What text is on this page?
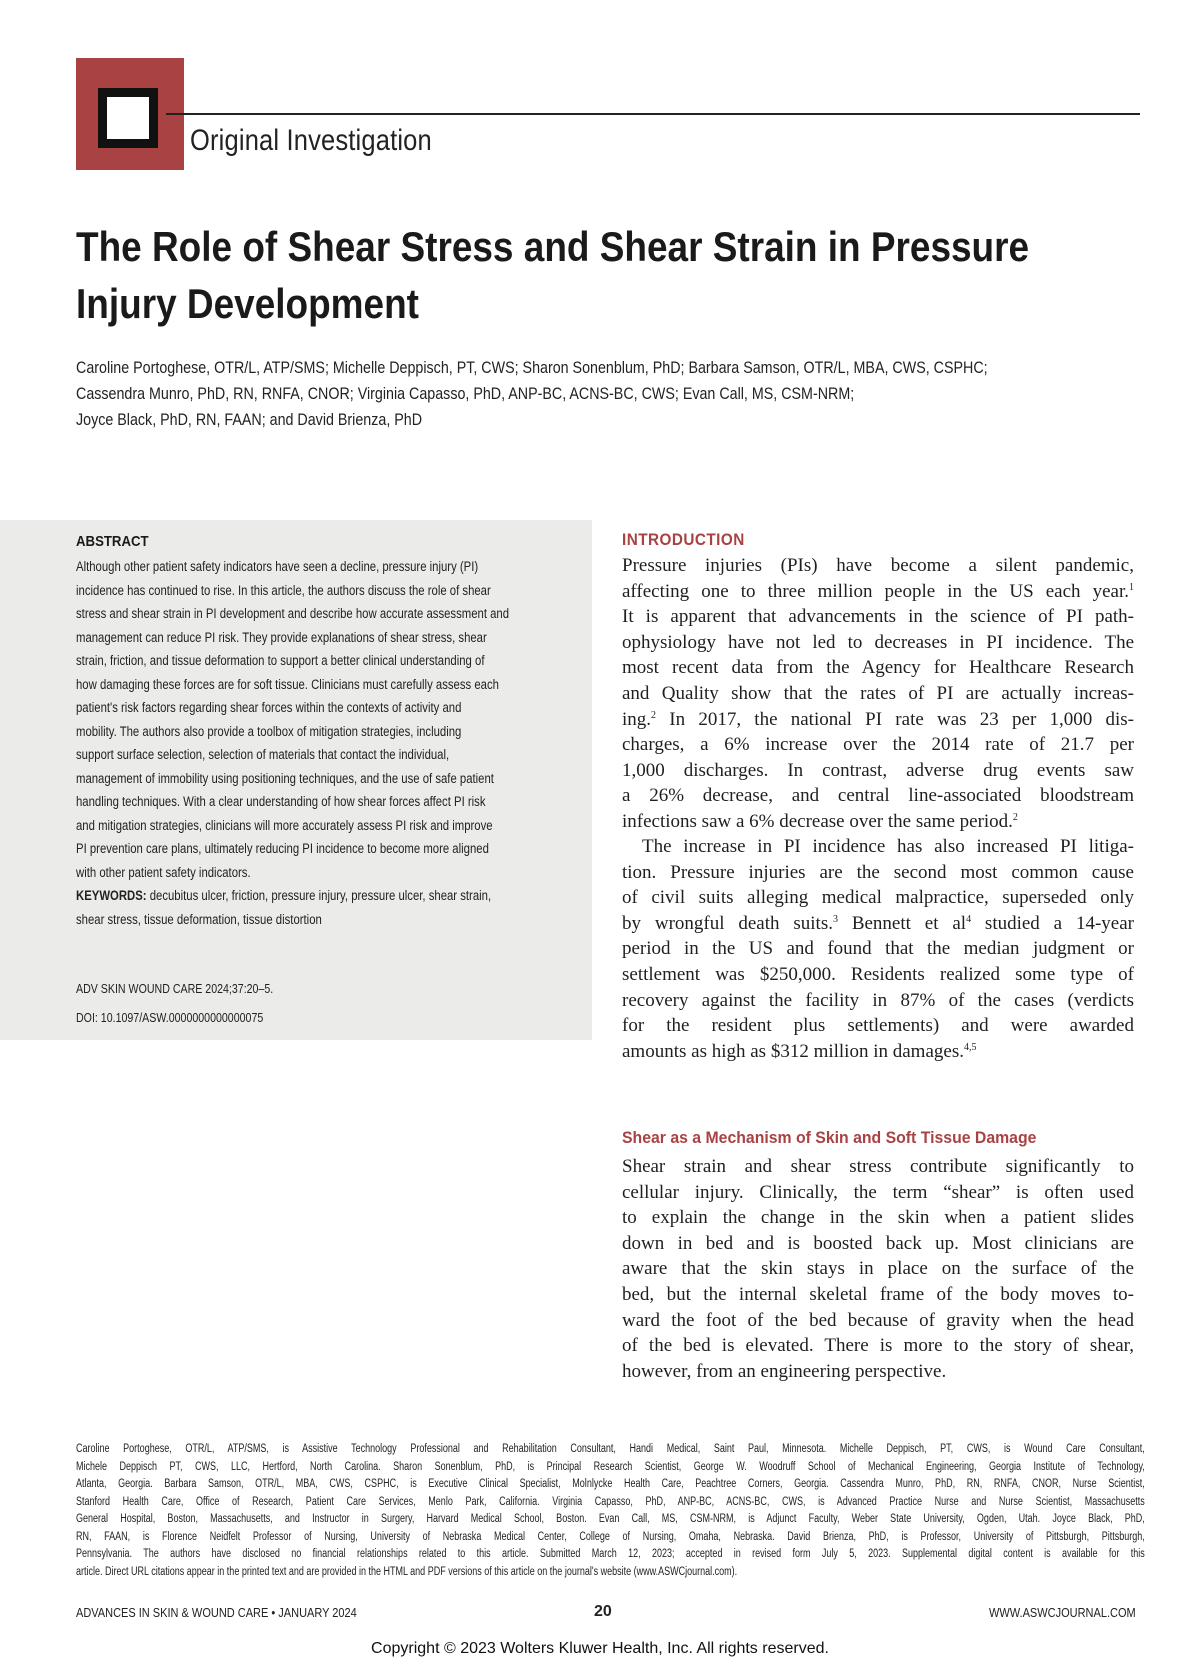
Original Investigation
The Role of Shear Stress and Shear Strain in Pressure
Injury Development
Caroline Portoghese, OTR/L, ATP/SMS; Michelle Deppisch, PT, CWS; Sharon Sonenblum, PhD; Barbara Samson, OTR/L, MBA, CWS, CSPHC;
Cassendra Munro, PhD, RN, RNFA, CNOR; Virginia Capasso, PhD, ANP-BC, ACNS-BC, CWS; Evan Call, MS, CSM-NRM;
Joyce Black, PhD, RN, FAAN; and David Brienza, PhD
ABSTRACT
Although other patient safety indicators have seen a decline, pressure injury (PI)
incidence has continued to rise. In this article, the authors discuss the role of shear
stress and shear strain in PI development and describe how accurate assessment and
management can reduce PI risk. They provide explanations of shear stress, shear
strain, friction, and tissue deformation to support a better clinical understanding of
how damaging these forces are for soft tissue. Clinicians must carefully assess each
patient's risk factors regarding shear forces within the contexts of activity and
mobility. The authors also provide a toolbox of mitigation strategies, including
support surface selection, selection of materials that contact the individual,
management of immobility using positioning techniques, and the use of safe patient
handling techniques. With a clear understanding of how shear forces affect PI risk
and mitigation strategies, clinicians will more accurately assess PI risk and improve
PI prevention care plans, ultimately reducing PI incidence to become more aligned
with other patient safety indicators.
KEYWORDS: decubitus ulcer, friction, pressure injury, pressure ulcer, shear strain,
shear stress, tissue deformation, tissue distortion
ADV SKIN WOUND CARE 2024;37:20–5.
DOI: 10.1097/ASW.0000000000000075
INTRODUCTION
Pressure injuries (PIs) have become a silent pandemic,
affecting one to three million people in the US each year.$^1$
It is apparent that advancements in the science of PI path-
ophysiology have not led to decreases in PI incidence. The
most recent data from the Agency for Healthcare Research
and Quality show that the rates of PI are actually increas-
ing.$^2$ In 2017, the national PI rate was 23 per 1,000 dis-
charges, a 6% increase over the 2014 rate of 21.7 per
1,000 discharges. In contrast, adverse drug events saw
a 26% decrease, and central line-associated bloodstream
infections saw a 6% decrease over the same period.$^2$
The increase in PI incidence has also increased PI litiga-
tion. Pressure injuries are the second most common cause
of civil suits alleging medical malpractice, superseded only
by wrongful death suits.$^3$ Bennett et $al^4$ studied a 14-year
period in the US and found that the median judgment or
settlement was $250,000. Residents realized some type of
recovery against the facility in 87% of the cases (verdicts
for the resident plus settlements) and were awarded
amounts as high as $312 million in damages.$^{4,5}$
Shear as a Mechanism of Skin and Soft Tissue Damage
Shear strain and shear stress contribute significantly to
cellular injury. Clinically, the term “shear” is often used
to explain the change in the skin when a patient slides
down in bed and is boosted back up. Most clinicians are
aware that the skin stays in place on the surface of the
bed, but the internal skeletal frame of the body moves to-
ward the foot of the bed because of gravity when the head
of the bed is elevated. There is more to the story of shear,
however, from an engineering perspective.
Caroline Portoghese, OTR/L, ATP/SMS, is Assistive Technology Professional and Rehabilitation Consultant, Handi Medical, Saint Paul, Minnesota. Michelle Deppisch, PT, CWS, is Wound Care Consultant,
Michele Deppisch PT, CWS, LLC, Hertford, North Carolina. Sharon Sonenblum, PhD, is Principal Research Scientist, George W. Woodruff School of Mechanical Engineering, Georgia Institute of Technology,
Atlanta, Georgia. Barbara Samson, OTR/L, MBA, CWS, CSPHC, is Executive Clinical Specialist, Molnlycke Health Care, Peachtree Corners, Georgia. Cassendra Munro, PhD, RN, RNFA, CNOR, Nurse Scientist,
Stanford Health Care, Office of Research, Patient Care Services, Menlo Park, California. Virginia Capasso, PhD, ANP-BC, ACNS-BC, CWS, is Advanced Practice Nurse and Nurse Scientist, Massachusetts
General Hospital, Boston, Massachusetts, and Instructor in Surgery, Harvard Medical School, Boston. Evan Call, MS, CSM-NRM, is Adjunct Faculty, Weber State University, Ogden, Utah. Joyce Black, PhD,
RN, FAAN, is Florence Neidfelt Professor of Nursing, University of Nebraska Medical Center, College of Nursing, Omaha, Nebraska. David Brienza, PhD, is Professor, University of Pittsburgh, Pittsburgh,
Pennsylvania. The authors have disclosed no financial relationships related to this article. Submitted March 12, 2023; accepted in revised form July 5, 2023. Supplemental digital content is available for this
article. Direct URL citations appear in the printed text and are provided in the HTML and PDF versions of this article on the journal's website (www.ASWCjournal.com).
ADVANCES IN SKIN & WOUND CARE • JANUARY 2024	20	WWW.ASWCJOURNAL.COM
Copyright © 2023 Wolters Kluwer Health, Inc. All rights reserved.
